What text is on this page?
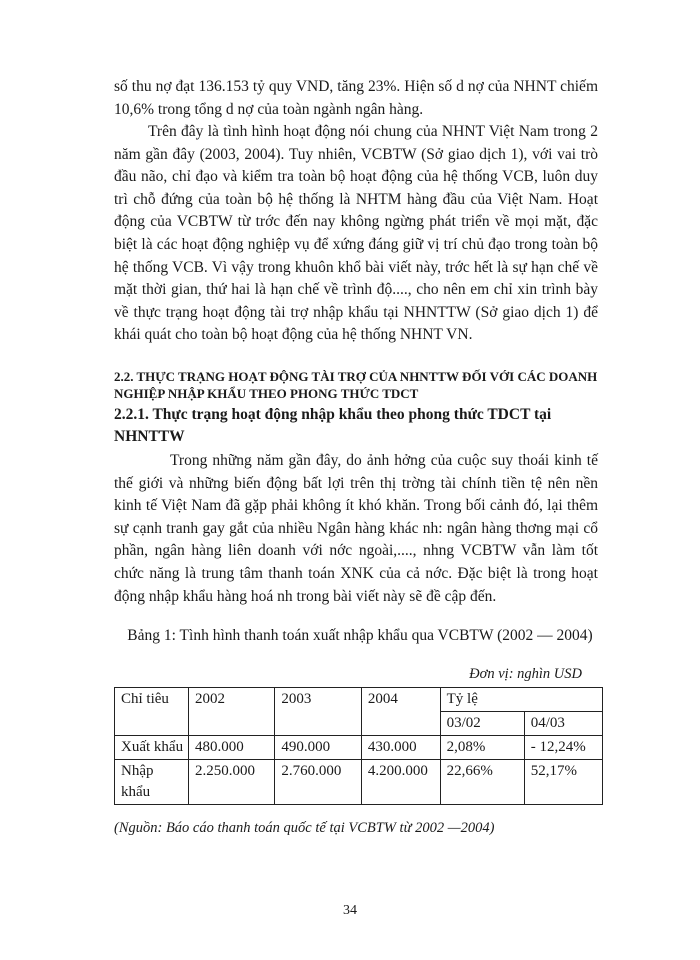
số thu nợ đạt 136.153 tỷ quy VND, tăng 23%. Hiện số d nợ của NHNT chiếm 10,6% trong tổng d nợ của toàn ngành ngân hàng.

Trên đây là tình hình hoạt động nói chung của NHNT Việt Nam trong 2 năm gần đây (2003, 2004). Tuy nhiên, VCBTW (Sở giao dịch 1), với vai trò đầu não, chỉ đạo và kiểm tra toàn bộ hoạt động của hệ thống VCB, luôn duy trì chỗ đứng của toàn bộ hệ thống là NHTM hàng đầu của Việt Nam. Hoạt động của VCBTW từ trớc đến nay không ngừng phát triển về mọi mặt, đặc biệt là các hoạt động nghiệp vụ để xứng đáng giữ vị trí chủ đạo trong toàn bộ hệ thống VCB. Vì vậy trong khuôn khổ bài viết này, trớc hết là sự hạn chế về mặt thời gian, thứ hai là hạn chế về trình độ...., cho nên em chỉ xin trình bày về thực trạng hoạt động tài trợ nhập khẩu tại NHNTTW (Sở giao dịch 1) để khái quát cho toàn bộ hoạt động của hệ thống NHNT VN.

2.2. THỰC TRẠNG HOẠT ĐỘNG TÀI TRỢ CỦA NHNTTW ĐỐI VỚI CÁC DOANH NGHIỆP NHẬP KHẨU THEO PHONG THỨC TDCT

2.2.1. Thực trạng hoạt động nhập khẩu theo phong thức TDCT tại NHNTTW

Trong những năm gần đây, do ảnh hởng của cuộc suy thoái kinh tế thế giới và những biến động bất lợi trên thị trờng tài chính tiền tệ nên nền kinh tế Việt Nam đã gặp phải không ít khó khăn. Trong bối cảnh đó, lại thêm sự cạnh tranh gay gắt của nhiều Ngân hàng khác nh: ngân hàng thơng mại cổ phần, ngân hàng liên doanh với nớc ngoài,...., nhng VCBTW vẫn làm tốt chức năng là trung tâm thanh toán XNK của cả nớc. Đặc biệt là trong hoạt động nhập khẩu hàng hoá nh trong bài viết này sẽ đề cập đến.

Bảng 1: Tình hình thanh toán xuất nhập khẩu qua VCBTW (2002 — 2004)

Đơn vị: nghìn USD

Chỉ tiêu	2002	2003	2004	Tỷ lệ	
				03/02	04/03
Xuất khẩu	480.000	490.000	430.000	2,08%	- 12,24%
Nhập khẩu	2.250.000	2.760.000	4.200.000	22,66%	52,17%

(Nguồn: Báo cáo thanh toán quốc tế tại VCBTW từ 2002 —2004)

34
